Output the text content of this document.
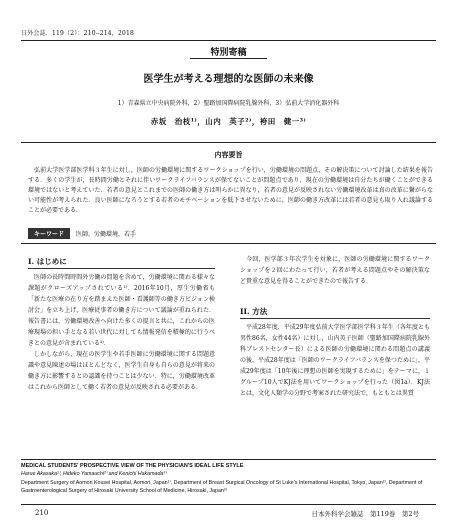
日外会誌．119（2）：210‒214，2018
特別寄稿
医学生が考える理想的な医師の未来像
1）青森県立中央病院外科，2）聖路加国際病院乳腺外科，3）弘前大学消化器外科
赤坂　治枝¹⁾，山内　英子²⁾，袴田　健一³⁾
内容要旨
　弘前大学医学部医学科３年生に対し，医師の労働環境に関するワークショップを行い，労働環境の問題点，その解決策について討論した結果を報告する．多くの学生が，長時間労働とそれに伴いワークライフバランスが保てないことが問題点であり，現在の労働環境は自分たちが働くことができる環境ではないと考えていた．若者の意見とこれまでの医師の働き方は明らかに異なり，若者の意見が反映されない労働環境改革は真の改革に繋がらない可能性が考えられた．良い医師になろうとする若者のモチベーションを低下させないために，医師の働き方改革には若者の意見も取り入れ議論することが必要である．
キーワード	医師，労働環境，若手
I. はじめに
　医師の長時間時間外労働の問題を含めて，労働環境に関わる様々な課題がクローズアップされている¹⁾．2016年10月，厚生労働省も「新たな医療の在り方を踏まえた医師・看護師等の働き方ビジョン検討会」を立ち上げ，医療従事者の働き方について議論が重ねられた．報告書には，労働環境改善へ向けた多くの提言と共に，これからの医療現場の担い手となる若い世代に対しても情報発信を積極的に行うべきとの意見が含まれている²⁾．
　しかしながら，現在の医学生や若手医師に労働環境に関する問題意識や意見陳述の場はほとんどなく，医学生自身も自らの意見が将来の働き方に影響するとの認識を持つことは少ない．特に，労働環境改革はこれから医師として働く若者の意見が反映される必要がある．
　今回，医学部３年次学生を対象に，医師の労働環境に関するワークショップを２回にわたって行い，若者が考える問題点やその解決策など貴重な意見を得ることができたので報告する．
II. 方法
　平成28年度，平成29年度弘前大学医学部医学科３年生（各年度とも男性86名，女性44名）に対し，山内英子医師（聖路加国際病院乳腺外科ブレストセンター長）による医師の労働環境に関わる問題点の講義の後，平成28年度は「医師のワークライフバランスを保つために」，平成29年度は「10年後に理想の医師を実現するために」をテーマに，１グループ10人でKJ法を用いてワークショップを行った（図1a）．KJ法とは，文化人類学の分野で考案された研究法で，もともとは異質
MEDICAL STUDENTS' PROSPECTIVE VIEW OF THE PHYSICIAN'S IDEAL LIFE STYLE
Harue Akasaka¹⁾, Hideko Yamauchi²⁾ and Kenichi Hakamada³⁾
Department Surgery of Aomori Kousei Hospital, Aomori, Japan¹⁾, Department of Breast Surgical Oncology of St Luke's International Hospital, Tokyo, Japan²⁾, Department of Gastroenterological Surgery of Hirosaki University School of Medicine, Hirosaki, Japan³⁾
210	日本外科学会雑誌　第119巻　第2号
